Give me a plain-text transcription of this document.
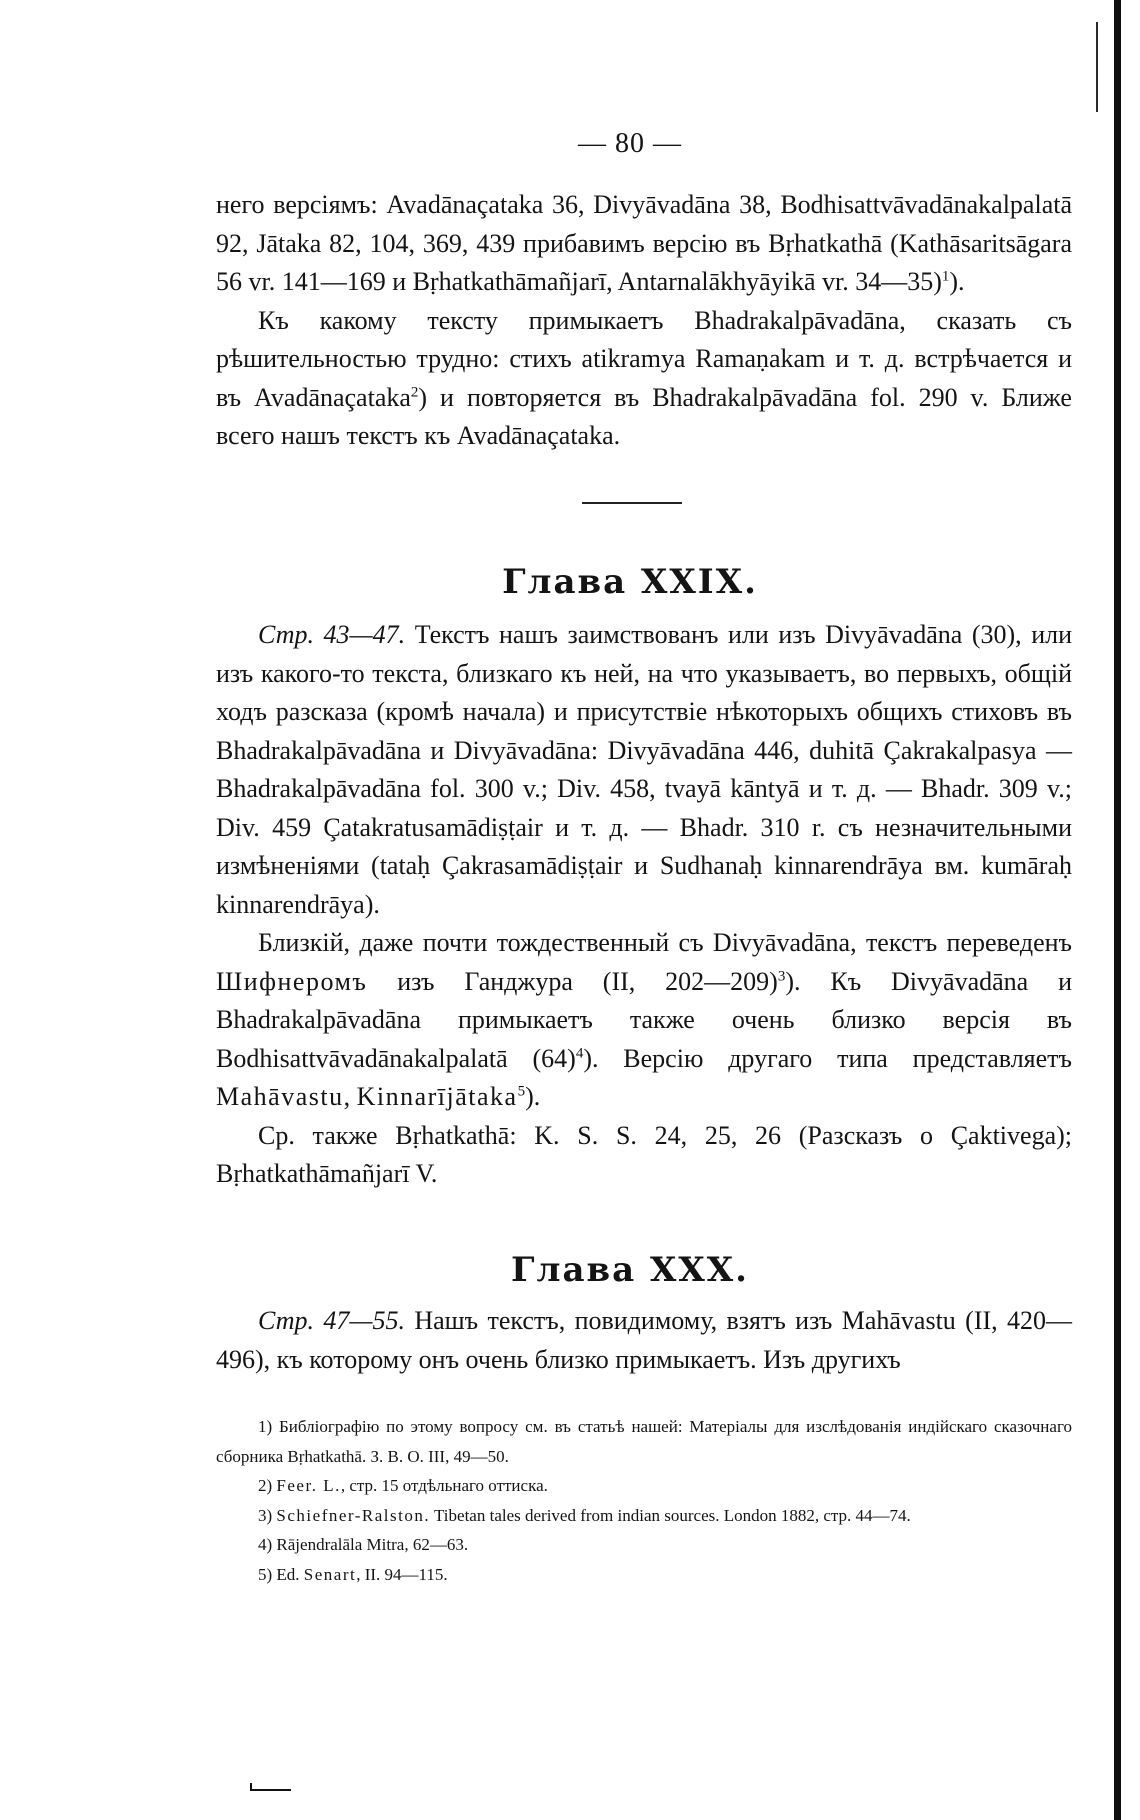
— 80 —

него версіямъ: Avadānaçataka 36, Divyāvadāna 38, Bodhisattvāvadānakalpalatā 92, Jātaka 82, 104, 369, 439 прибавимъ версію въ Bṛhatkathā (Kathāsaritsāgara 56 vr. 141—169 и Bṛhatkathāmañjarī, Antarnalākhyāyikā vr. 34—35)$^1$).

Къ какому тексту примыкаетъ Bhadrakalpāvadāna, сказать съ рѣшительностью трудно: стихъ atikramya Ramaṇakam и т. д. встрѣчается и въ Avadānaçataka$^2$) и повторяется въ Bhadrakalpāvadāna fol. 290 v. Ближе всего нашъ текстъ къ Avadānaçataka.

Глава XXIX.

Стр. 43—47. Текстъ нашъ заимствованъ или изъ Divyāvadāna (30), или изъ какого-то текста, близкаго къ ней, на что указываетъ, во первыхъ, общій ходъ разсказа (кромѣ начала) и присутствіе нѣкоторыхъ общихъ стиховъ въ Bhadrakalpāvadāna и Divyāvadāna: Divyāvadāna 446, duhitā Çakrakalpasya — Bhadrakalpāvadāna fol. 300 v.; Div. 458, tvayā kāntyā и т. д. — Bhadr. 309 v.; Div. 459 Çatakratusamādiṣṭair и т. д. — Bhadr. 310 r. съ незначительными измѣненіями (tataḥ Çakrasamādiṣṭair и Sudhanaḥ kinnarendrāya вм. kumāraḥ kinnarendrāya).

Близкій, даже почти тождественный съ Divyāvadāna, текстъ переведенъ Шифнеромъ изъ Ганджура (II, 202—209)$^3$). Къ Divyāvadāna и Bhadrakalpāvadāna примыкаетъ также очень близко версія въ Bodhisattvāvadānakalpalatā $(64)^4$). Версію другаго типа представляетъ Mahāvastu, Kinnarījātaka$^5$).

Ср. также Bṛhatkathā: K. S. S. 24, 25, 26 (Разсказъ о Çaktivega); Bṛhatkathāmañjarī V.

Глава XXX.

Стр. 47—55. Нашъ текстъ, повидимому, взятъ изъ Mahāvastu (II, 420—496), къ которому онъ очень близко примыкаетъ. Изъ другихъ

1) Библіографію по этому вопросу см. въ статьѣ нашей: Матеріалы для изслѣдованія индійскаго сказочнаго сборника Bṛhatkathā. З. В. О. III, 49—50.

2) Feer. L., стр. 15 отдѣльнаго оттиска.

3) Schiefner-Ralston. Tibetan tales derived from indian sources. London 1882, стр. 44—74.

4) Rājendralāla Mitra, 62—63.

5) Ed. Senart, II. 94—115.
